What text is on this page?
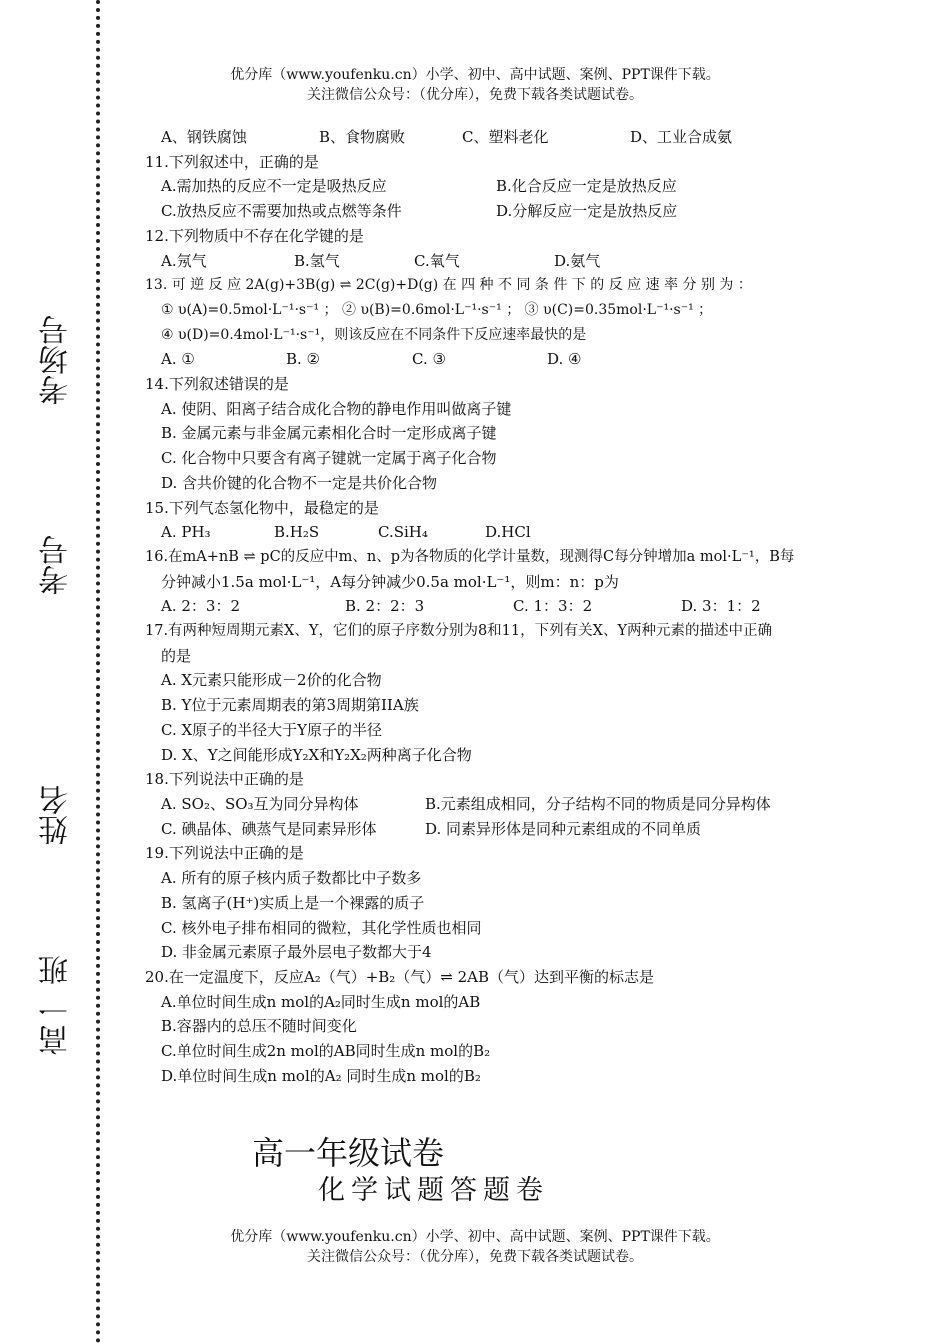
高一
班
姓名
考号
考场号
优分库（www.youfenku.cn）小学、初中、高中试题、案例、PPT课件下载。
关注微信公众号：（优分库），免费下载各类试题试卷。
A、钢铁腐蚀	B、食物腐败	C、塑料老化	D、工业合成氨
11.下列叙述中，正确的是
A.需加热的反应不一定是吸热反应	B.化合反应一定是放热反应
C.放热反应不需要加热或点燃等条件	D.分解反应一定是放热反应
12.下列物质中不存在化学键的是
A.氖气	B.氢气	C.氧气	D.氨气
13. 可 逆 反 应 2A(g)+3B(g) ⇌ 2C(g)+D(g) 在 四 种 不 同 条 件 下 的 反 应 速 率 分 别 为 ：
① υ(A)=0.5mol·L⁻¹·s⁻¹ ； ② υ(B)=0.6mol·L⁻¹·s⁻¹ ； ③ υ(C)=0.35mol·L⁻¹·s⁻¹ ；
④ υ(D)=0.4mol·L⁻¹·s⁻¹，则该反应在不同条件下反应速率最快的是
A. ①	B. ②	C. ③	D. ④
14.下列叙述错误的是
A. 使阴、阳离子结合成化合物的静电作用叫做离子键
B. 金属元素与非金属元素相化合时一定形成离子键
C. 化合物中只要含有离子键就一定属于离子化合物
D. 含共价键的化合物不一定是共价化合物
15.下列气态氢化物中，最稳定的是
A. PH₃	B.H₂S	C.SiH₄	D.HCl
16.在mA+nB ⇌ pC的反应中m、n、p为各物质的化学计量数，现测得C每分钟增加a mol·L⁻¹，B每
分钟减小1.5a mol·L⁻¹，A每分钟减少0.5a mol·L⁻¹，则m：n：p为
A. 2：3：2	B. 2：2：3	C. 1：3：2	D. 3：1：2
17.有两种短周期元素X、Y，它们的原子序数分别为8和11，下列有关X、Y两种元素的描述中正确
的是
A. X元素只能形成－2价的化合物
B. Y位于元素周期表的第3周期第IIA族
C. X原子的半径大于Y原子的半径
D. X、Y之间能形成Y₂X和Y₂X₂两种离子化合物
18.下列说法中正确的是
A. SO₂、SO₃互为同分异构体	B.元素组成相同，分子结构不同的物质是同分异构体
C. 碘晶体、碘蒸气是同素异形体	D. 同素异形体是同种元素组成的不同单质
19.下列说法中正确的是
A. 所有的原子核内质子数都比中子数多
B. 氢离子(H⁺)实质上是一个裸露的质子
C. 核外电子排布相同的微粒，其化学性质也相同
D. 非金属元素原子最外层电子数都大于4
20.在一定温度下，反应A₂（气）+B₂（气）⇌ 2AB（气）达到平衡的标志是
A.单位时间生成n mol的A₂同时生成n mol的AB
B.容器内的总压不随时间变化
C.单位时间生成2n mol的AB同时生成n mol的B₂
D.单位时间生成n mol的A₂ 同时生成n mol的B₂
高一年级试卷
化学试题答题卷
优分库（www.youfenku.cn）小学、初中、高中试题、案例、PPT课件下载。
关注微信公众号：（优分库），免费下载各类试题试卷。
